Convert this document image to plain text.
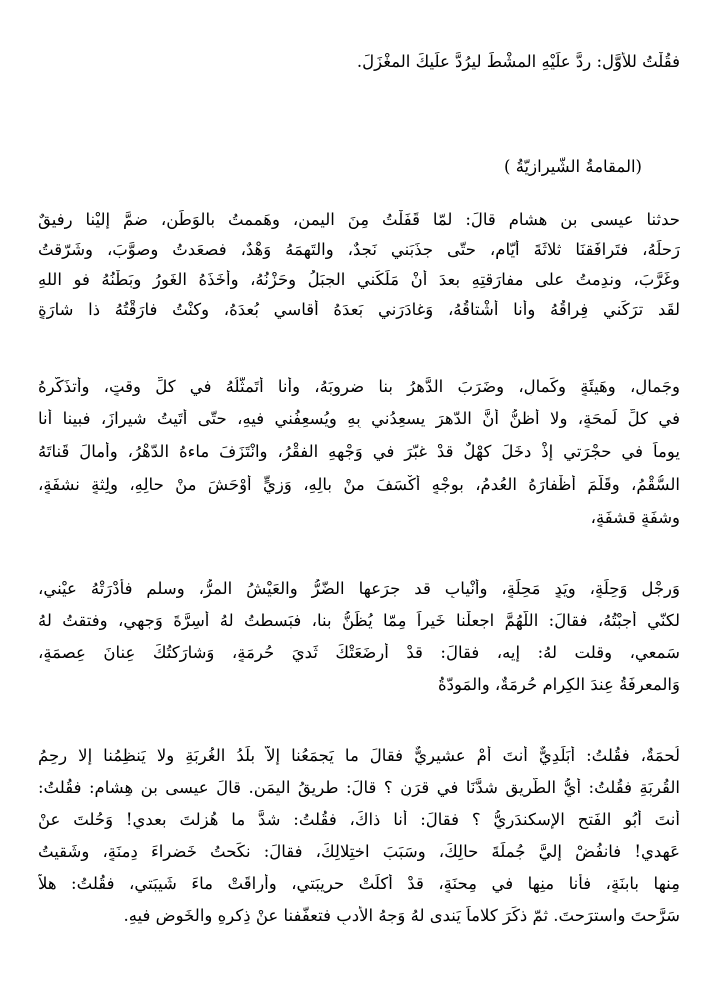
فقُلْتُ للأوَّلِ: ردَّ علَيْهِ المشْطَ ليرُدَّ علَيكَ المغْزَلَ.
(المقامةُ الشّيرازيّةُ )
حدثنا عيسى بن هشامٍ قالَ: لمّا قَفَلْتُ مِنَ اليمنِ، وهَممتُ بالوَطَنِ، ضمَّ إليْنا رفيقٌ
رَحلَهُ، فتَرافَقنَا ثلاثَةَ أيّامٍ، حتّى جذَبَني نَجدٌ، والتَهمَهُ وَهْدٌ، فصعَدتُ وصوَّبَ، وشَرّقتُ
وغَرَّبَ، وندِمتُ على مفارَقتِهِ بعدَ أنْ مَلَكَني الجبَلُ وحَزْنُهُ، وأخَذَهُ الغَورُ وبَطْنُهُ فو اللهِ
لقَد ترَكَني فِراقُهُ وأنا أشْتاقُهُ، وَغادَرَني بَعدَهُ أقاسي بُعدَهُ، وكنْتُ فارَقْتُهُ ذا شارَةٍ
وجَمالٍ، وهَيئَةٍ وكَمالٍ، وضَرَبَ الدَّهرُ بنا ضروبَهُ، وأنا أتَمثَّلُهُ في كلِّ وقتٍ، وأتذَكَّرهُ
في كلِّ لَمحَةٍ، ولا أظنُّ أنَّ الدّهرَ يسعِدُني بِهِ ويُسعِفُني فيهِ، حتّى أتَيتُ شيرازَ، فبينا أنا
يوماً في حجْرَتي إذْ دخَلَ كهْلٌ قدْ غبّرَ في وَجْهِهِ الفقْرُ، وانْتَزَفَ ماءهُ الدّهْرُ، وأمالَ قَناتَهُ
السُّقْمُ، وقَلَّمَ أظْفارَهُ العُدمُ، بوجْهٍ أكْسَفَ منْ بالِهِ، وَزِيٍّ أوْحَشَ منْ حالِهِ، ولِثةٍ نشفَةٍ،
وشفَةٍ قشفَةٍ،
وَرِجْلٍ وَحِلَةٍ، ويَدٍ مَحِلَةٍ، وأنْيابٍ قد جرَعها الضّرُّ والعَيْشُ المرُّ، وسلم فأدْرَتْهُ عيْني،
لكنّي أجبْتُهُ، فقالَ: اللّهُمَّ اجعلْنا خَيراً مِمّا يُظَنُّ بنا، فبَسطتُ لهُ أسِرَّةَ وَجهي، وفتقتُ لهُ
سَمعي، وقلت لهُ: إيه، فقالَ: قدْ أرضَعَتْكَ ثَديَ حُرمَةٍ، وَشارَكتُكَ عِنانَ عِصمَةٍ،
وَالمعرفَةُ عِندَ الكِرامِ حُرمَةٌ، والمَودّةُ
لُحمَةٌ، فقُلتُ: أبَلَدِيٌّ أنتَ أمْ عشيريٌّ فقالَ ما يَجمَعُنا إلاّ بلَدُ الغُربَةِ ولا يَنظِمُنا إلا رحِمُ
القُربَةِ فقُلتُ: أيُّ الطّريقِ شدَّنَا في قرَنٍ ؟ قالَ: طريقُ اليمَنِ. قالَ عيسى بن هِشامٍ: فقُلتُ:
أنتَ أبُو الفَتحِ الإسكندَريُّ ؟ فقالَ: أنا ذاكَ، فقُلتُ: شدَّ ما هُزِلتَ بعدي! وَحُلتَ عنْ
عَهدي! فانفُضْ إليَّ جُملَةَ حالِكَ، وسَبَبَ اختِلالِكَ، فقالَ: نكَحتُ خَضراءَ دِمنَةٍ، وشَقيتُ
مِنها بابنَةٍ، فأنا منِها في مِحنَةٍ، قدْ أكلَتْ حريبَتي، وأراقَتْ ماءَ شَيبَتي، فقُلتُ: هلاّ
سَرَّحتَ واسترَحتَ. ثمّ ذكَرَ كلاماً يَندى لهُ وَجهُ الأدبِ فتعفّفنا عنْ ذِكرِهِ والخَوضِ فيهِ.
